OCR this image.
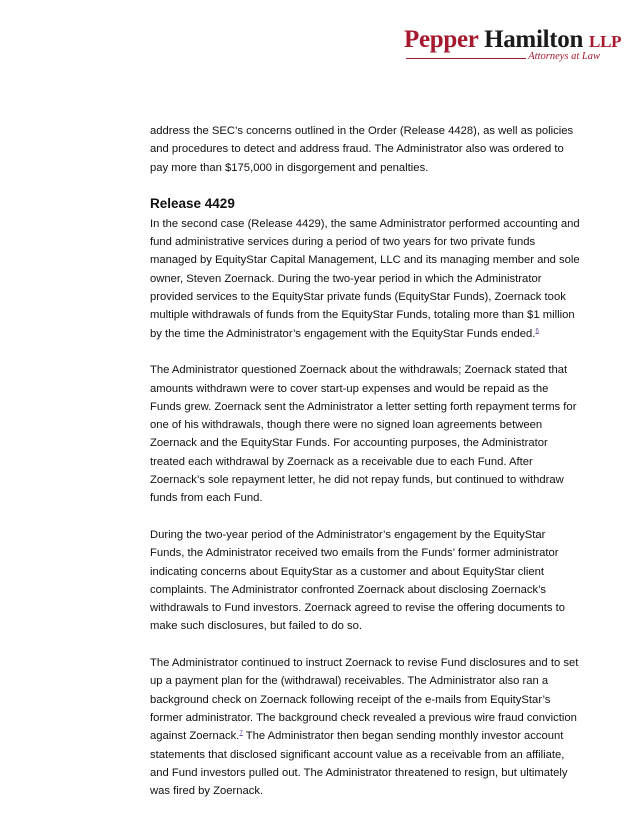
Pepper Hamilton LLP
Attorneys at Law

address the SEC’s concerns outlined in the Order (Release 4428), as well as policies and procedures to detect and address fraud. The Administrator also was ordered to pay more than $175,000 in disgorgement and penalties.

Release 4429

In the second case (Release 4429), the same Administrator performed accounting and fund administrative services during a period of two years for two private funds managed by EquityStar Capital Management, LLC and its managing member and sole owner, Steven Zoernack. During the two-year period in which the Administrator provided services to the EquityStar private funds (EquityStar Funds), Zoernack took multiple withdrawals of funds from the EquityStar Funds, totaling more than $1 million by the time the Administrator’s engagement with the EquityStar Funds ended.$^6$

The Administrator questioned Zoernack about the withdrawals; Zoernack stated that amounts withdrawn were to cover start-up expenses and would be repaid as the Funds grew. Zoernack sent the Administrator a letter setting forth repayment terms for one of his withdrawals, though there were no signed loan agreements between Zoernack and the EquityStar Funds. For accounting purposes, the Administrator treated each withdrawal by Zoernack as a receivable due to each Fund. After Zoernack’s sole repayment letter, he did not repay funds, but continued to withdraw funds from each Fund.

During the two-year period of the Administrator’s engagement by the EquityStar Funds, the Administrator received two emails from the Funds’ former administrator indicating concerns about EquityStar as a customer and about EquityStar client complaints. The Administrator confronted Zoernack about disclosing Zoernack’s withdrawals to Fund investors. Zoernack agreed to revise the offering documents to make such disclosures, but failed to do so.

The Administrator continued to instruct Zoernack to revise Fund disclosures and to set up a payment plan for the (withdrawal) receivables. The Administrator also ran a background check on Zoernack following receipt of the e-mails from EquityStar’s former administrator. The background check revealed a previous wire fraud conviction against Zoernack.$^7$ The Administrator then began sending monthly investor account statements that disclosed significant account value as a receivable from an affiliate, and Fund investors pulled out. The Administrator threatened to resign, but ultimately was fired by Zoernack.
